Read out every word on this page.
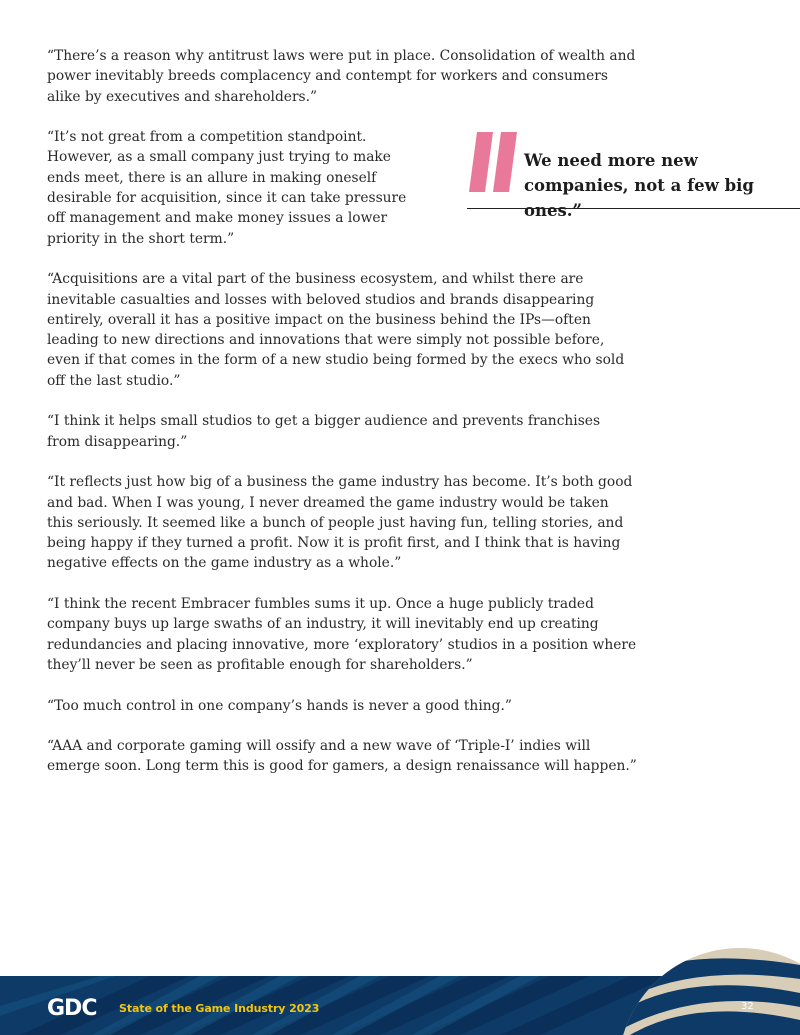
“There’s a reason why antitrust laws were put in place. Consolidation of wealth and power inevitably breeds complacency and contempt for workers and consumers alike by executives and shareholders.”

“It’s not great from a competition standpoint. However, as a small company just trying to make ends meet, there is an allure in making oneself desirable for acquisition, since it can take pressure off management and make money issues a lower priority in the short term.”

“Acquisitions are a vital part of the business ecosystem, and whilst there are inevitable casualties and losses with beloved studios and brands disappearing entirely, overall it has a positive impact on the business behind the IPs—often leading to new directions and innovations that were simply not possible before, even if that comes in the form of a new studio being formed by the execs who sold off the last studio.”

“I think it helps small studios to get a bigger audience and prevents franchises from disappearing.”

“It reflects just how big of a business the game industry has become. It’s both good and bad. When I was young, I never dreamed the game industry would be taken this seriously. It seemed like a bunch of people just having fun, telling stories, and being happy if they turned a profit. Now it is profit first, and I think that is having negative effects on the game industry as a whole.”

“I think the recent Embracer fumbles sums it up. Once a huge publicly traded company buys up large swaths of an industry, it will inevitably end up creating redundancies and placing innovative, more ‘exploratory’ studios in a position where they’ll never be seen as profitable enough for shareholders.”

“Too much control in one company’s hands is never a good thing.”

“AAA and corporate gaming will ossify and a new wave of ‘Triple-I’ indies will emerge soon. Long term this is good for gamers, a design renaissance will happen.”

We need more new companies, not a few big ones.”
GDC State of the Game Industry 2023	32
